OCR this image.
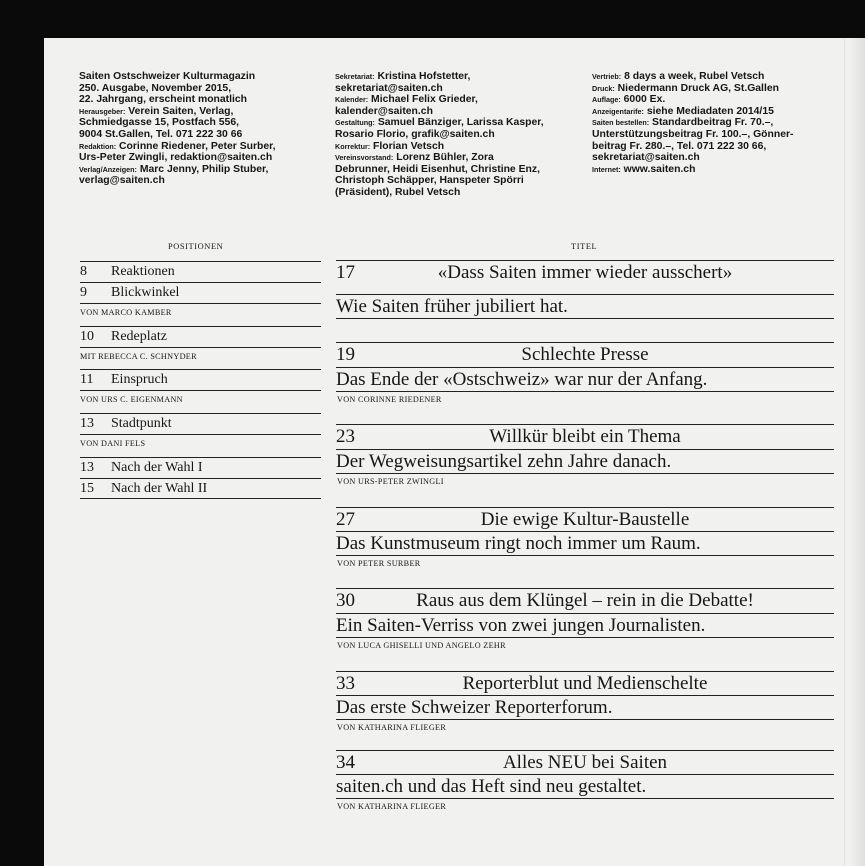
Saiten Ostschweizer Kulturmagazin
250. Ausgabe, November 2015,
22. Jahrgang, erscheint monatlich
Herausgeber: Verein Saiten, Verlag,
Schmiedgasse 15, Postfach 556,
9004 St.Gallen, Tel. 071 222 30 66
Redaktion: Corinne Riedener, Peter Surber,
Urs-Peter Zwingli, redaktion@saiten.ch
Verlag/Anzeigen: Marc Jenny, Philip Stuber,
verlag@saiten.ch
Sekretariat: Kristina Hofstetter,
sekretariat@saiten.ch
Kalender: Michael Felix Grieder,
kalender@saiten.ch
Gestaltung: Samuel Bänziger, Larissa Kasper,
Rosario Florio, grafik@saiten.ch
Korrektur: Florian Vetsch
Vereinsvorstand: Lorenz Bühler, Zora
Debrunner, Heidi Eisenhut, Christine Enz,
Christoph Schäpper, Hanspeter Spörri
(Präsident), Rubel Vetsch
Vertrieb: 8 days a week, Rubel Vetsch
Druck: Niedermann Druck AG, St.Gallen
Auflage: 6000 Ex.
Anzeigentarife: siehe Mediadaten 2014/15
Saiten bestellen: Standardbeitrag Fr. 70.–,
Unterstützungsbeitrag Fr. 100.–, Gönner-
beitrag Fr. 280.–, Tel. 071 222 30 66,
sekretariat@saiten.ch
Internet: www.saiten.ch
POSITIONEN	TITEL
8 Reaktionen
9 Blickwinkel
VON MARCO KAMBER
10 Redeplatz
MIT REBECCA C. SCHNYDER
11 Einspruch
VON URS C. EIGENMANN
13 Stadtpunkt
VON DANI FELS
13 Nach der Wahl I
15 Nach der Wahl II
17	«Dass Saiten immer wieder ausschert»
Wie Saiten früher jubiliert hat.
19	Schlechte Presse
Das Ende der «Ostschweiz» war nur der Anfang.
VON CORINNE RIEDENER
23	Willkür bleibt ein Thema
Der Wegweisungsartikel zehn Jahre danach.
VON URS-PETER ZWINGLI
27	Die ewige Kultur-Baustelle
Das Kunstmuseum ringt noch immer um Raum.
VON PETER SURBER
30	Raus aus dem Klüngel – rein in die Debatte!
Ein Saiten-Verriss von zwei jungen Journalisten.
VON LUCA GHISELLI UND ANGELO ZEHR
33	Reporterblut und Medienschelte
Das erste Schweizer Reporterforum.
VON KATHARINA FLIEGER
34	Alles NEU bei Saiten
saiten.ch und das Heft sind neu gestaltet.
VON KATHARINA FLIEGER
